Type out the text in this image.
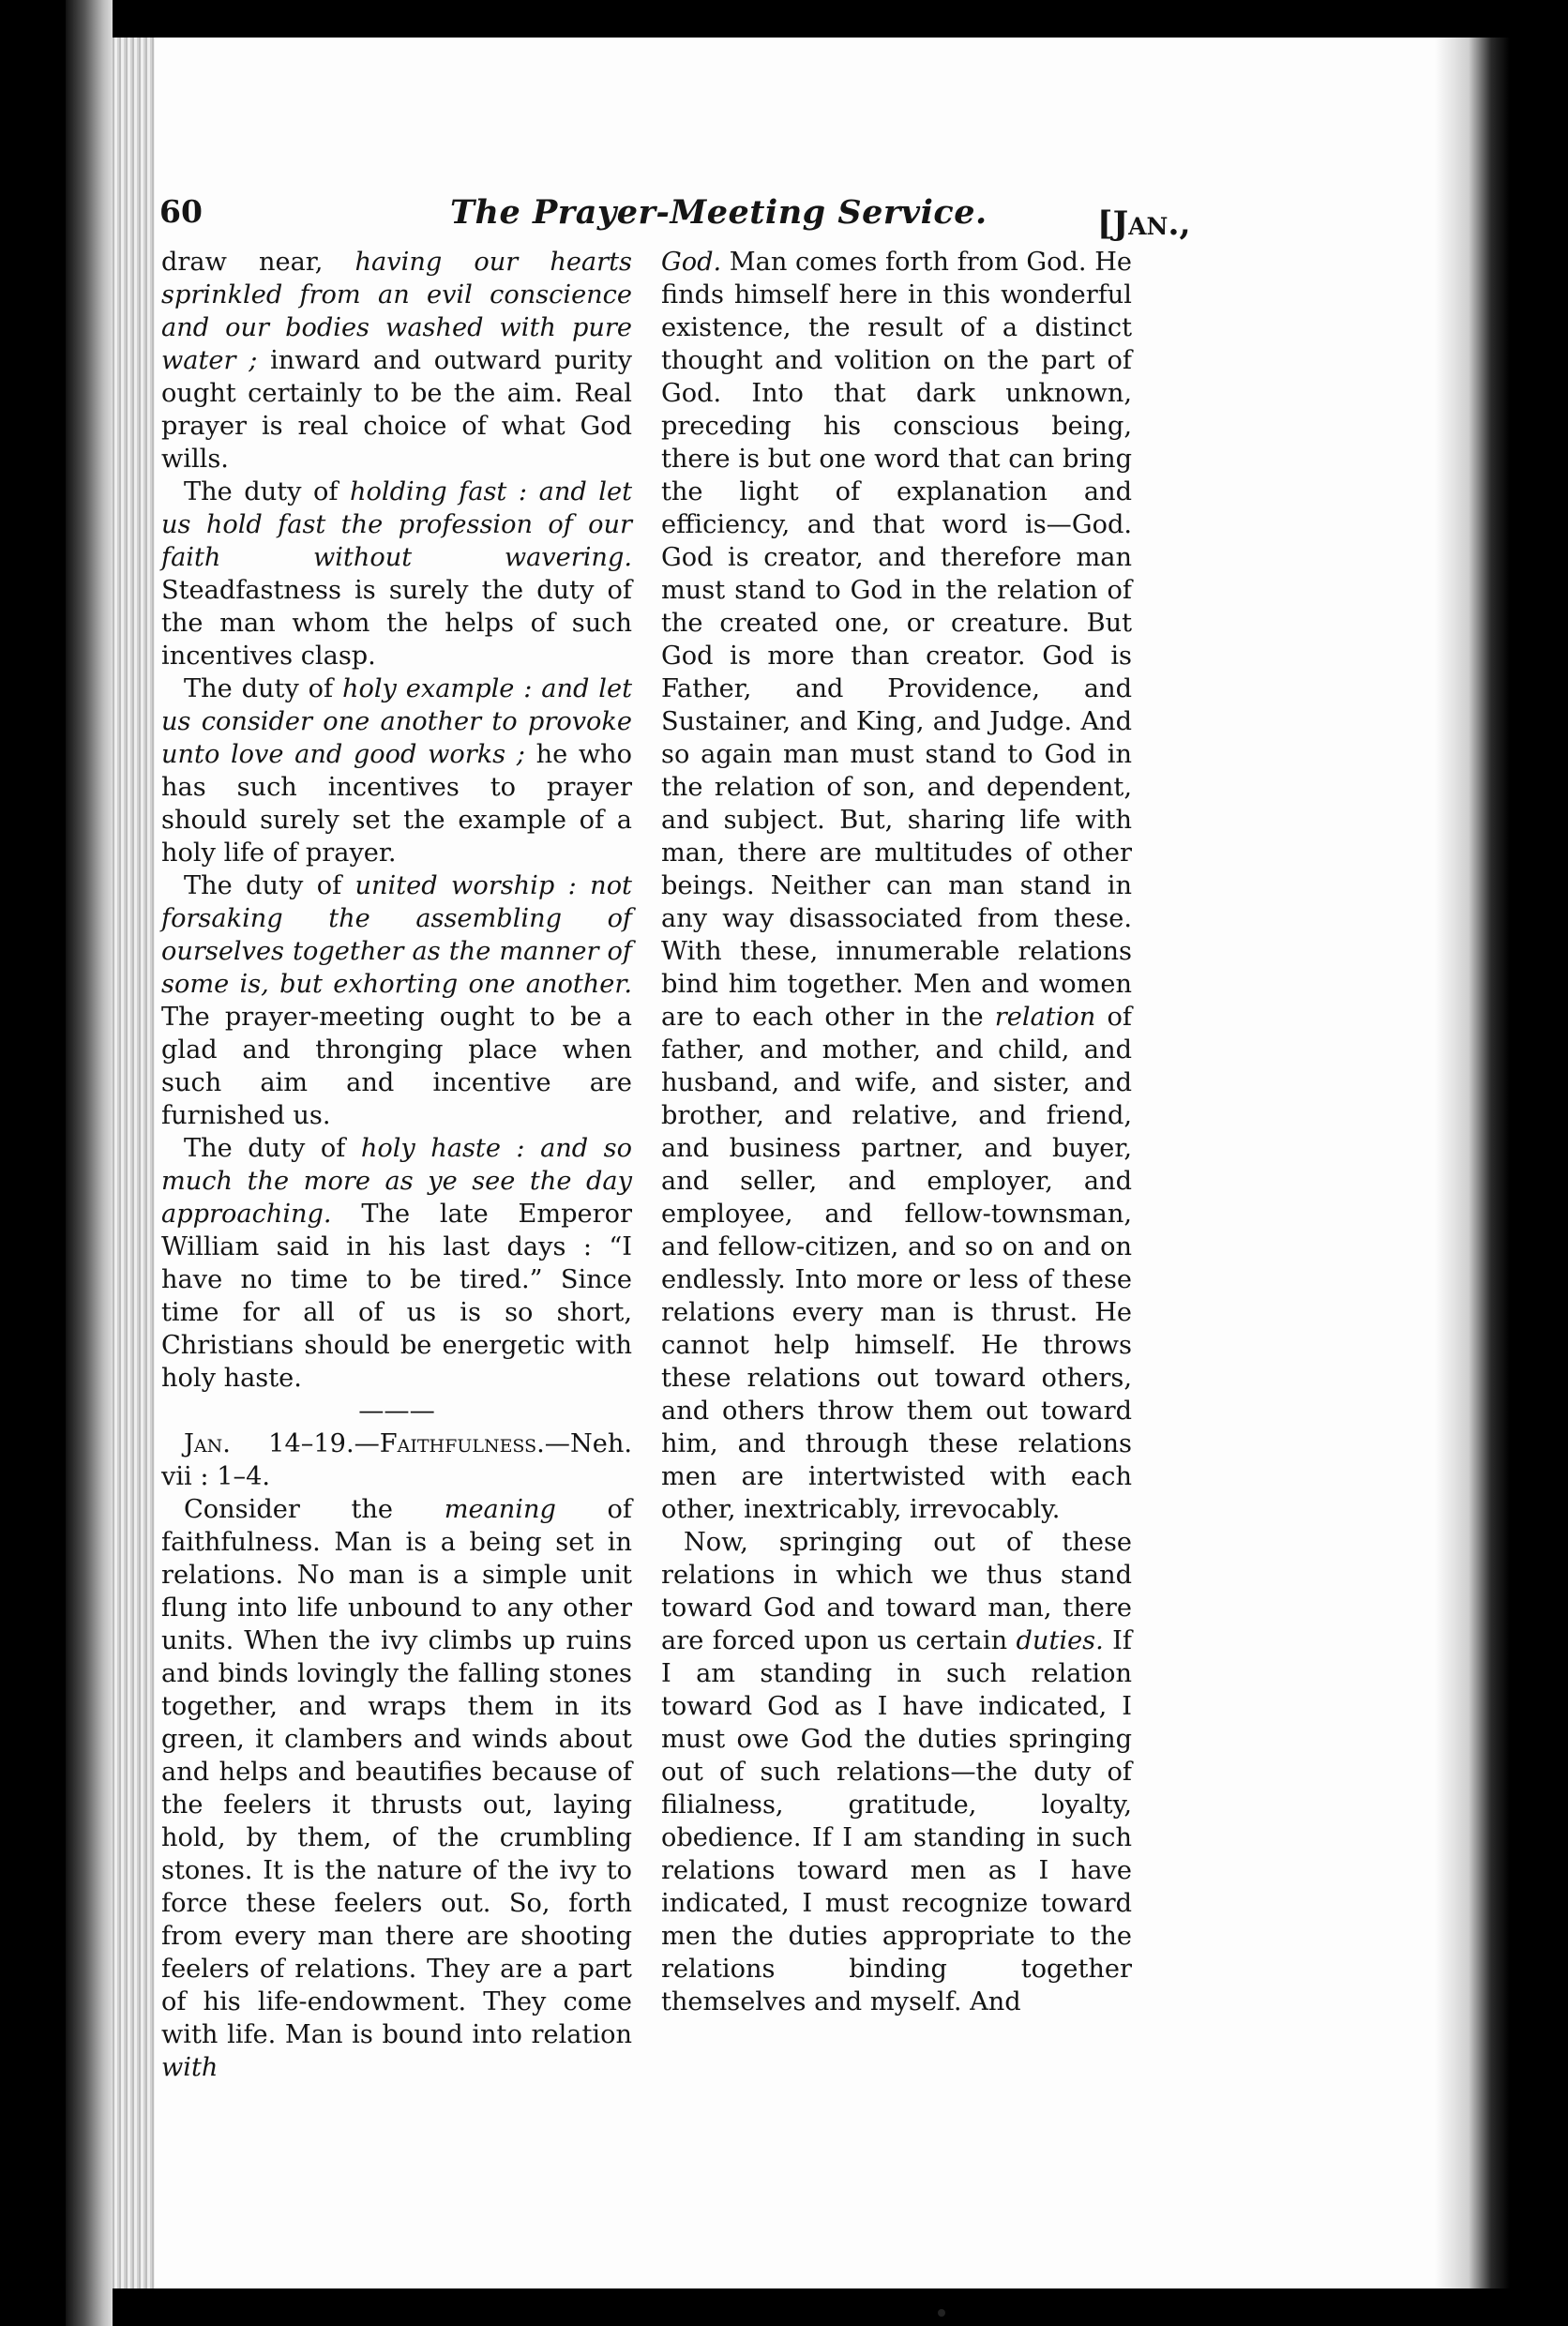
60	The Prayer-Meeting Service.	[Jan.,

draw near, having our hearts sprinkled from an evil conscience and our bodies washed with pure water ; inward and outward purity ought certainly to be the aim. Real prayer is real choice of what God wills.

The duty of holding fast : and let us hold fast the profession of our faith without wavering. Steadfastness is surely the duty of the man whom the helps of such incentives clasp.

The duty of holy example : and let us consider one another to provoke unto love and good works ; he who has such incentives to prayer should surely set the example of a holy life of prayer.

The duty of united worship : not forsaking the assembling of ourselves together as the manner of some is, but exhorting one another. The prayer-meeting ought to be a glad and thronging place when such aim and incentive are furnished us.

The duty of holy haste : and so much the more as ye see the day approaching. The late Emperor William said in his last days : “I have no time to be tired.” Since time for all of us is so short, Christians should be energetic with holy haste.

———

Jan. 14–19.—Faithfulness.—Neh. vii : 1–4.

Consider the meaning of faithfulness. Man is a being set in relations. No man is a simple unit flung into life unbound to any other units. When the ivy climbs up ruins and binds lovingly the falling stones together, and wraps them in its green, it clambers and winds about and helps and beautifies because of the feelers it thrusts out, laying hold, by them, of the crumbling stones. It is the nature of the ivy to force these feelers out. So, forth from every man there are shooting feelers of relations. They are a part of his life-endowment. They come with life. Man is bound into relation with

God. Man comes forth from God. He finds himself here in this wonderful existence, the result of a distinct thought and volition on the part of God. Into that dark unknown, preceding his conscious being, there is but one word that can bring the light of explanation and efficiency, and that word is—God. God is creator, and therefore man must stand to God in the relation of the created one, or creature. But God is more than creator. God is Father, and Providence, and Sustainer, and King, and Judge. And so again man must stand to God in the relation of son, and dependent, and subject. But, sharing life with man, there are multitudes of other beings. Neither can man stand in any way disassociated from these. With these, innumerable relations bind him together. Men and women are to each other in the relation of father, and mother, and child, and husband, and wife, and sister, and brother, and relative, and friend, and business partner, and buyer, and seller, and employer, and employee, and fellow-townsman, and fellow-citizen, and so on and on endlessly. Into more or less of these relations every man is thrust. He cannot help himself. He throws these relations out toward others, and others throw them out toward him, and through these relations men are intertwisted with each other, inextricably, irrevocably.

Now, springing out of these relations in which we thus stand toward God and toward man, there are forced upon us certain duties. If I am standing in such relation toward God as I have indicated, I must owe God the duties springing out of such relations—the duty of filialness, gratitude, loyalty, obedience. If I am standing in such relations toward men as I have indicated, I must recognize toward men the duties appropriate to the relations binding together themselves and myself. And
